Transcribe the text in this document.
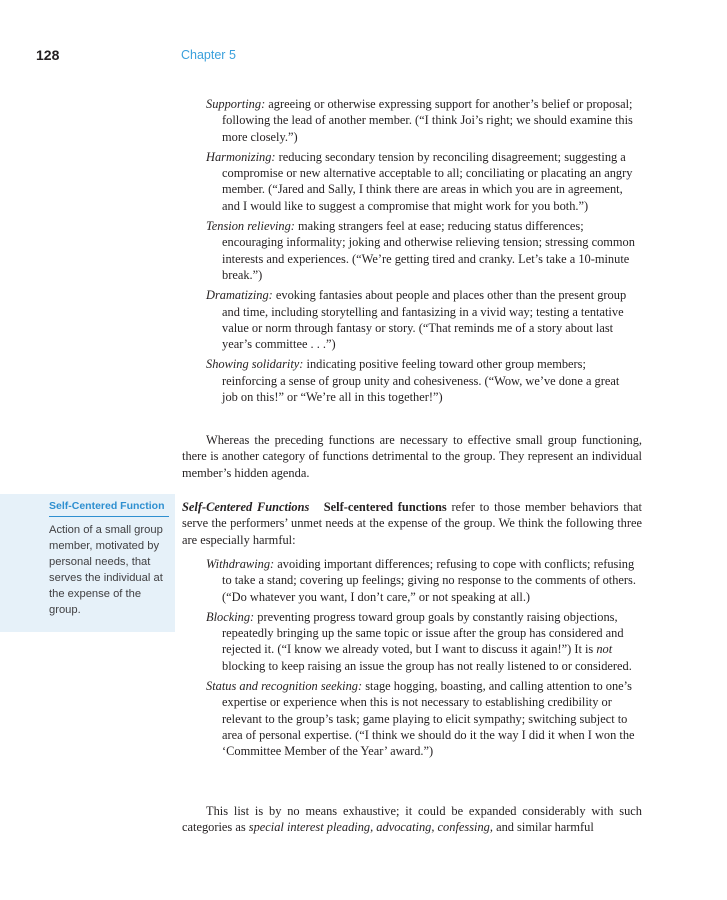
128	Chapter 5

Supporting: agreeing or otherwise expressing support for another’s belief or proposal; following the lead of another member. (“I think Joi’s right; we should examine this more closely.”)

Harmonizing: reducing secondary tension by reconciling disagreement; suggesting a compromise or new alternative acceptable to all; conciliating or placating an angry member. (“Jared and Sally, I think there are areas in which you are in agreement, and I would like to suggest a compromise that might work for you both.”)

Tension relieving: making strangers feel at ease; reducing status differences; encouraging informality; joking and otherwise relieving tension; stressing common interests and experiences. (“We’re getting tired and cranky. Let’s take a 10-minute break.”)

Dramatizing: evoking fantasies about people and places other than the present group and time, including storytelling and fantasizing in a vivid way; testing a tentative value or norm through fantasy or story. (“That reminds me of a story about last year’s committee . . .”)

Showing solidarity: indicating positive feeling toward other group members; reinforcing a sense of group unity and cohesiveness. (“Wow, we’ve done a great job on this!” or “We’re all in this together!”)

Whereas the preceding functions are necessary to effective small group functioning, there is another category of functions detrimental to the group. They represent an individual member’s hidden agenda.

Self-Centered Function
Action of a small group member, motivated by personal needs, that serves the individual at the expense of the group.

Self-Centered Functions Self-centered functions refer to those member behaviors that serve the performers’ unmet needs at the expense of the group. We think the following three are especially harmful:

Withdrawing: avoiding important differences; refusing to cope with conflicts; refusing to take a stand; covering up feelings; giving no response to the comments of others. (“Do whatever you want, I don’t care,” or not speaking at all.)

Blocking: preventing progress toward group goals by constantly raising objections, repeatedly bringing up the same topic or issue after the group has considered and rejected it. (“I know we already voted, but I want to discuss it again!”) It is not blocking to keep raising an issue the group has not really listened to or considered.

Status and recognition seeking: stage hogging, boasting, and calling attention to one’s expertise or experience when this is not necessary to establishing credibility or relevant to the group’s task; game playing to elicit sympathy; switching subject to area of personal expertise. (“I think we should do it the way I did it when I won the ‘Committee Member of the Year’ award.”)

This list is by no means exhaustive; it could be expanded considerably with such categories as special interest pleading, advocating, confessing, and similar harmful
